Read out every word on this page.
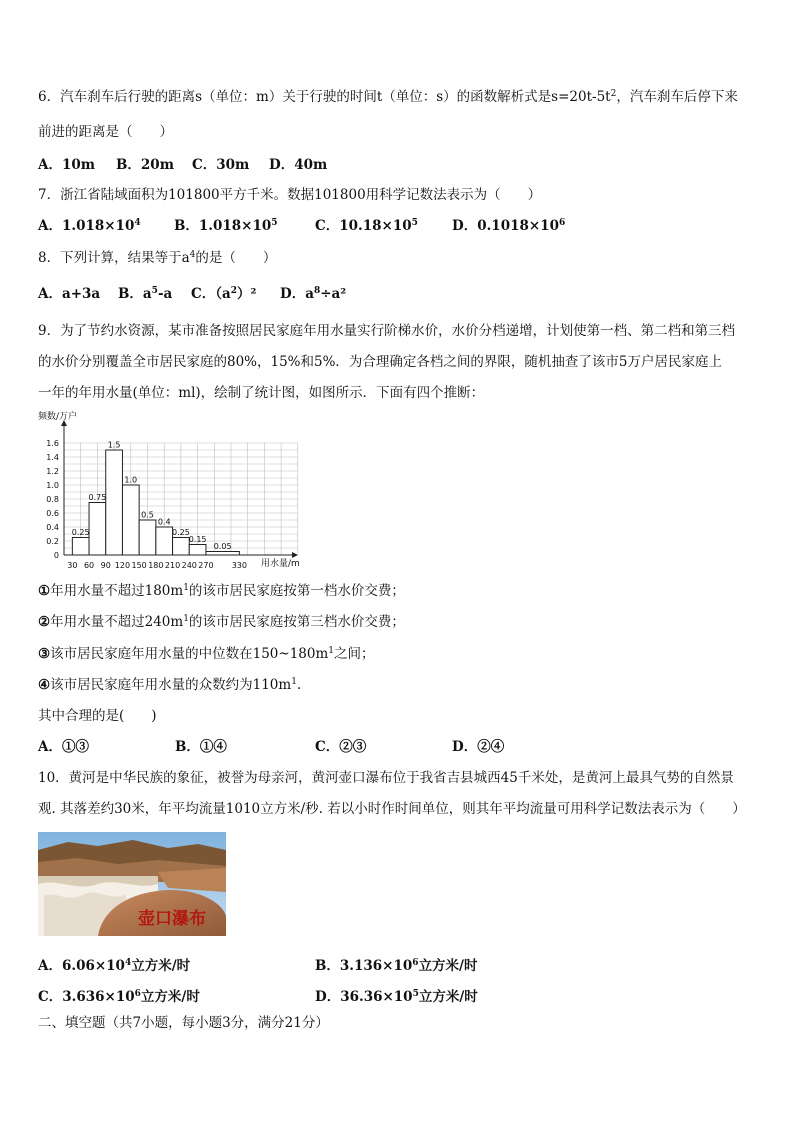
6．汽车刹车后行驶的距离s（单位：m）关于行驶的时间t（单位：s）的函数解析式是$s=20t-5t^2$，汽车刹车后停下来
前进的距离是（　　）
A．10m B．20m C．30m D．40m
7．浙江省陆域面积为101800平方千米。数据101800用科学记数法表示为（　　）
A．$1.018\times 10^4$ B．$1.018\times 10^5$	C．$10.18\times 10^5$	D．$0.1018\times 10^6$
8．下列计算，结果等于$a^4$的是（　　）
A．a+3a B．$a^5-a$ C．$(a^2)^2$ D．$a^8\div a^2$
9．为了节约水资源，某市准备按照居民家庭年用水量实行阶梯水价，水价分档递增，计划使第一档、第二档和第三档
的水价分别覆盖全市居民家庭的80%，15%和5%．为合理确定各档之间的界限，随机抽查了该市5万户居民家庭上
一年的年用水量(单位：ml)，绘制了统计图，如图所示．下面有四个推断：
0.25
0.75
1.5
1.0
0.5
0.4
0.25
0.15
0.05
0
0.2
0.4
0.6
0.8
1.0
1.2
1.4
1.6
30 60 90 120 150 180 210 240 270 330
频数/万户
用水量/m
①年用水量不超过$180m^1$的该市居民家庭按第一档水价交费；
②年用水量不超过$240m^1$的该市居民家庭按第三档水价交费；
③该市居民家庭年用水量的中位数在$150\sim 180m^1$之间；
④该市居民家庭年用水量的众数约为$110m^1$.
其中合理的是(　　)
A．①③	B．①④	C．②③	D．②④
10．黄河是中华民族的象征，被誉为母亲河，黄河壶口瀑布位于我省吉县城西45千米处，是黄河上最具气势的自然景
观. 其落差约30米，年平均流量1010立方米/秒. 若以小时作时间单位，则其年平均流量可用科学记数法表示为（　　）
壶口瀑布
A．$6.06\times 10^4$立方米/时	B．$3.136\times 10^6$立方米/时
C．$3.636\times 10^6$立方米/时	D．$36.36\times 10^5$立方米/时
二、填空题（共7小题，每小题3分，满分21分）
